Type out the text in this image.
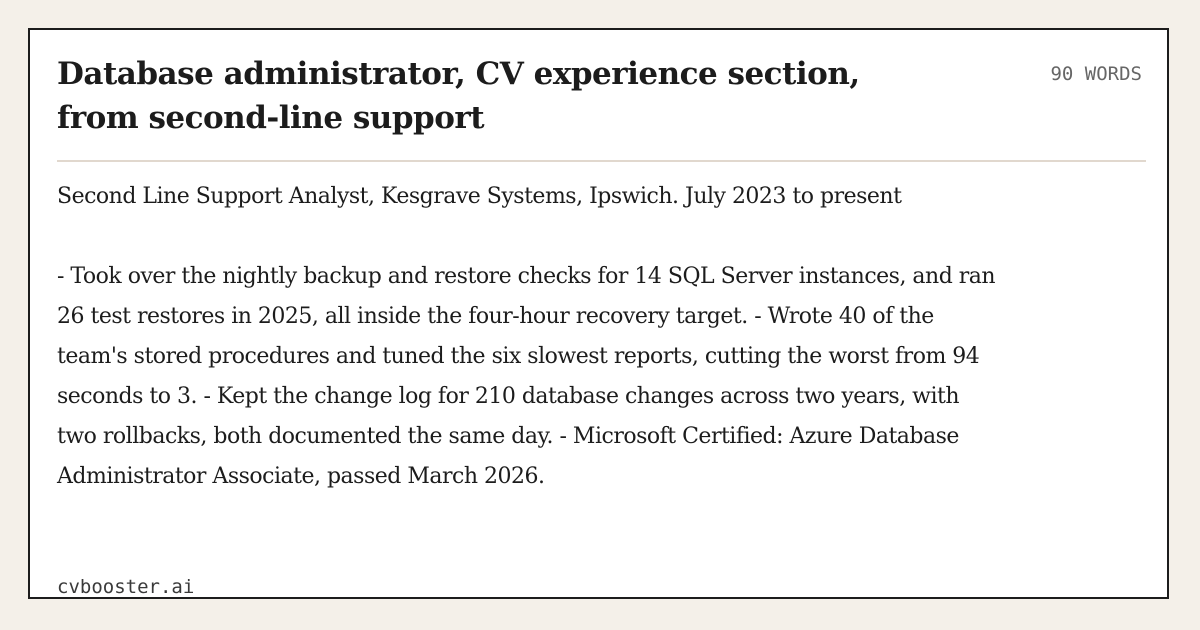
Database administrator, CV experience section, from second-line support
90 WORDS

Second Line Support Analyst, Kesgrave Systems, Ipswich. July 2023 to present

- Took over the nightly backup and restore checks for 14 SQL Server instances, and ran 26 test restores in 2025, all inside the four-hour recovery target. - Wrote 40 of the team's stored procedures and tuned the six slowest reports, cutting the worst from 94 seconds to 3. - Kept the change log for 210 database changes across two years, with two rollbacks, both documented the same day. - Microsoft Certified: Azure Database Administrator Associate, passed March 2026.

cvbooster.ai
